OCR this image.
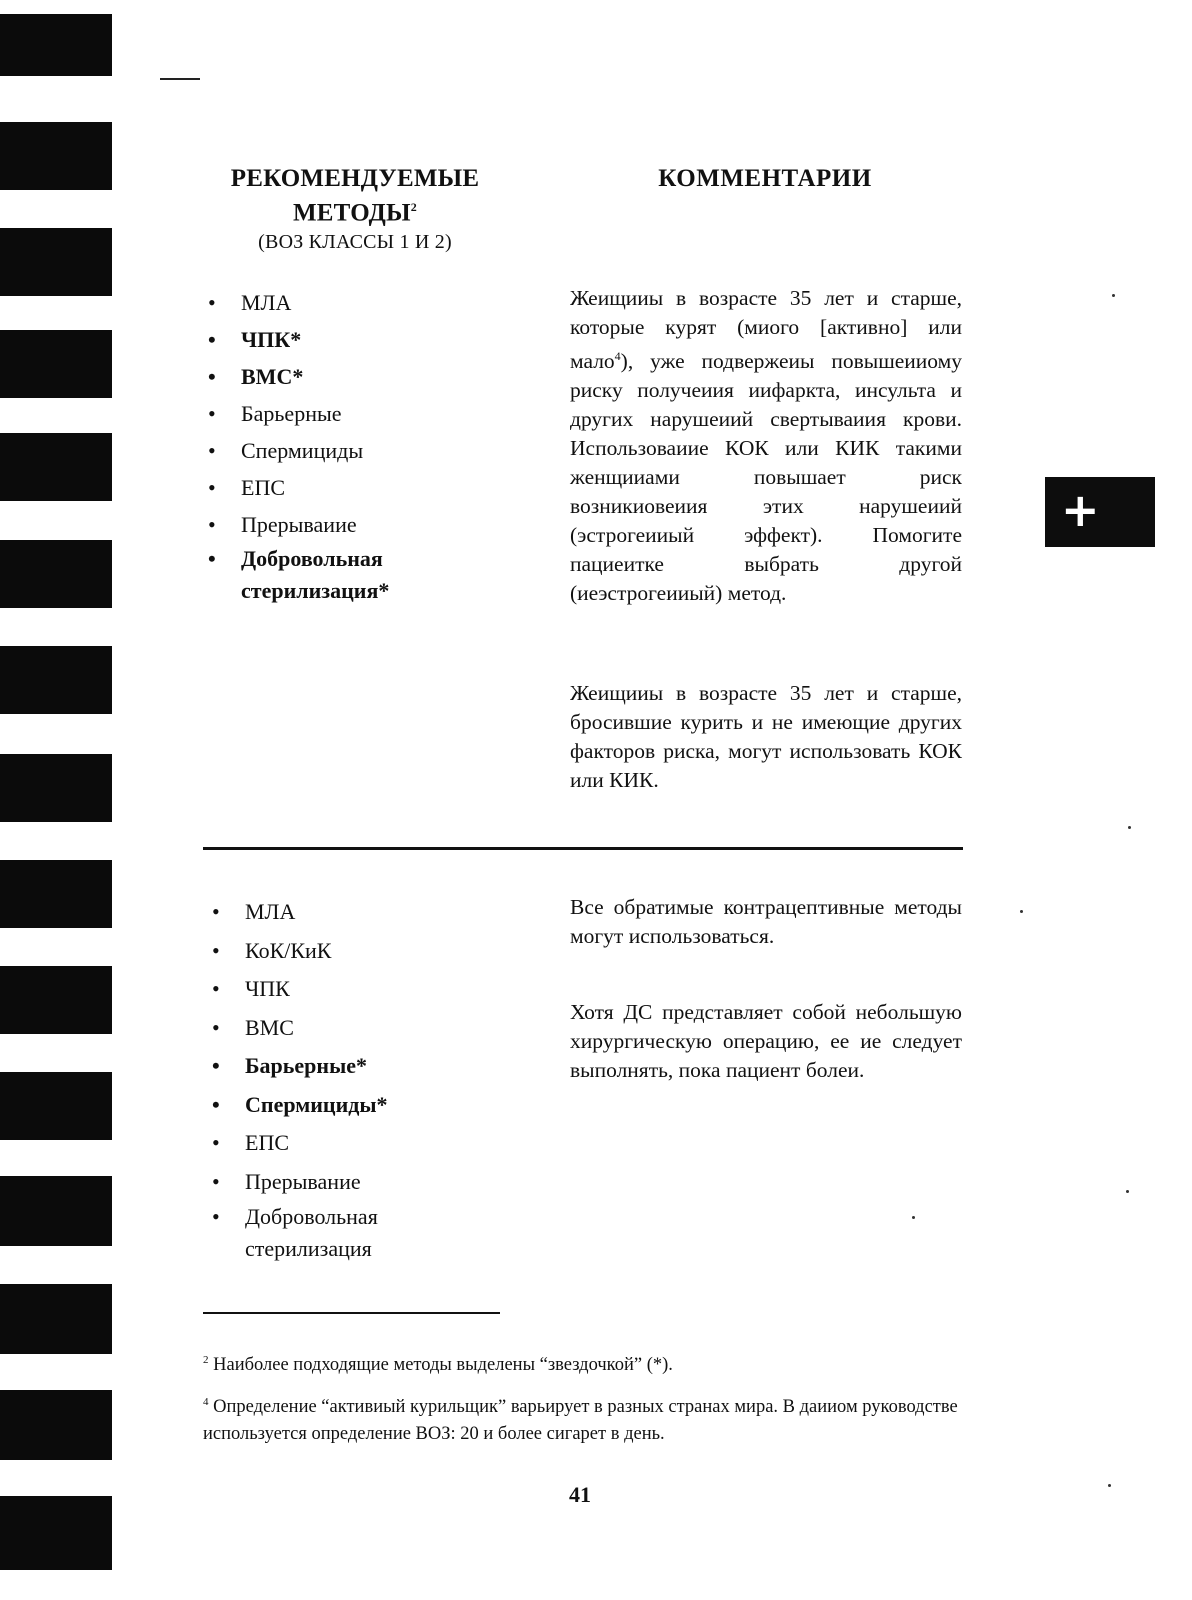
РЕКОМЕНДУЕМЫЕ
МЕТОДЫ$^2$
(ВОЗ КЛАССЫ 1 И 2)
КОММЕНТАРИИ
• МЛА
• ЧПК*
• ВМС*
• Барьерные
• Спермициды
• ЕПС
• Прерываиие
• Добровольная стерилизация*

Жеищииы в возрасте 35 лет и старше, которые курят (миого [активно] или мало$^4$), уже подвержеиы повышеииому риску получеиия иифаркта, инсульта и других нарушеиий свертываиия крови. Использоваиие КОК или КИК такими женщииами повышает риск возникиовеиия этих нарушеиий (эстрогеииый эффект). Помогите пациеитке выбрать другой (иеэстрогеииый) метод.

Жеищииы в возрасте 35 лет и старше, бросившие курить и не имеющие других факторов риска, могут использовать КОК или КИК.

• МЛА
• КоК/КиК
• ЧПК
• ВМС
• Барьерные*
• Спермициды*
• ЕПС
• Прерывание
• Добровольная стерилизация

Все обратимые контрацептивные методы могут использоваться.

Хотя ДС представляет собой небольшую хирургическую операцию, ее ие следует выполнять, пока пациент болеи.

$^2$ Наиболее подходящие методы выделены “звездочкой” (*).

$^4$ Определение “активиый курильщик” варьирует в разных странах мира. В даииом руководстве используется определение ВОЗ: 20 и более сигарет в день.

+
41
